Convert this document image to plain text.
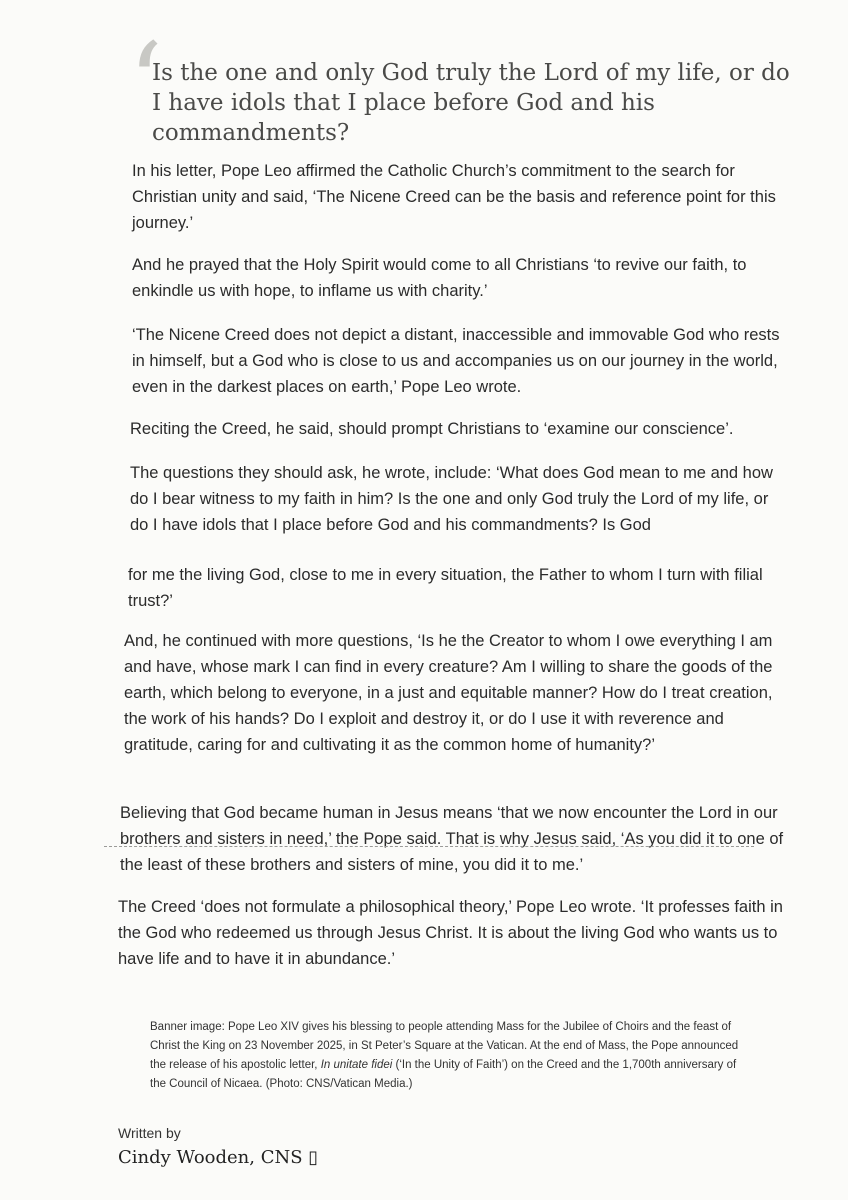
‘

Is the one and only God truly the Lord of my life, or do I have idols that I place before God and his commandments?

In his letter, Pope Leo affirmed the Catholic Church’s commitment to the search for Christian unity and said, ‘The Nicene Creed can be the basis and reference point for this journey.’

And he prayed that the Holy Spirit would come to all Christians ‘to revive our faith, to enkindle us with hope, to inflame us with charity.’

‘The Nicene Creed does not depict a distant, inaccessible and immovable God who rests in himself, but a God who is close to us and accompanies us on our journey in the world, even in the darkest places on earth,’ Pope Leo wrote.

Reciting the Creed, he said, should prompt Christians to ‘examine our conscience’.

The questions they should ask, he wrote, include: ‘What does God mean to me and how do I bear witness to my faith in him? Is the one and only God truly the Lord of my life, or do I have idols that I place before God and his commandments? Is God

for me the living God, close to me in every situation, the Father to whom I turn with filial trust?’

And, he continued with more questions, ‘Is he the Creator to whom I owe everything I am and have, whose mark I can find in every creature? Am I willing to share the goods of the earth, which belong to everyone, in a just and equitable manner? How do I treat creation, the work of his hands? Do I exploit and destroy it, or do I use it with reverence and gratitude, caring for and cultivating it as the common home of humanity?’

Believing that God became human in Jesus means ‘that we now encounter the Lord in our brothers and sisters in need,’ the Pope said. That is why Jesus said, ‘As you did it to one of the least of these brothers and sisters of mine, you did it to me.’

The Creed ‘does not formulate a philosophical theory,’ Pope Leo wrote. ‘It professes faith in the God who redeemed us through Jesus Christ. It is about the living God who wants us to have life and to have it in abundance.’

Banner image: Pope Leo XIV gives his blessing to people attending Mass for the Jubilee of Choirs and the feast of Christ the King on 23 November 2025, in St Peter’s Square at the Vatican. At the end of Mass, the Pope announced the release of his apostolic letter, In unitate fidei (‘In the Unity of Faith’) on the Creed and the 1,700th anniversary of the Council of Nicaea. (Photo: CNS/Vatican Media.)

Written by

Cindy Wooden, CNS ▯
